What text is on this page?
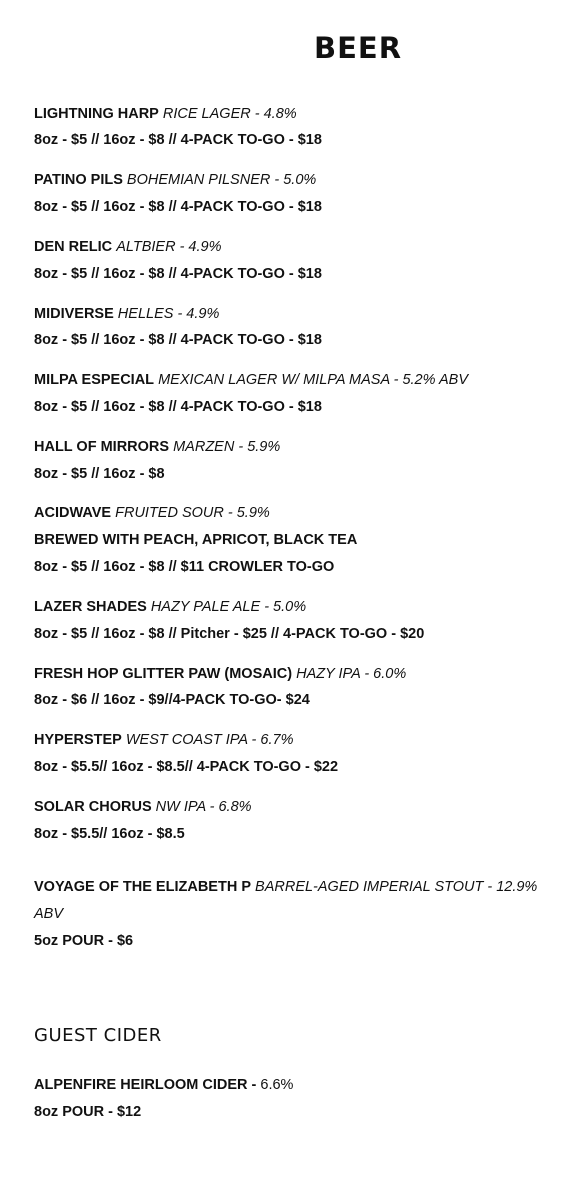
BEER
LIGHTNING HARP RICE LAGER - 4.8%
8oz - $5 // 16oz - $8 // 4-PACK TO-GO - $18
PATINO PILS BOHEMIAN PILSNER - 5.0%
8oz - $5 // 16oz - $8 // 4-PACK TO-GO - $18
DEN RELIC ALTBIER - 4.9%
8oz - $5 // 16oz - $8 // 4-PACK TO-GO - $18
MIDIVERSE HELLES - 4.9%
8oz - $5 // 16oz - $8 // 4-PACK TO-GO - $18
MILPA ESPECIAL MEXICAN LAGER W/ MILPA MASA - 5.2% ABV
8oz - $5 // 16oz - $8 // 4-PACK TO-GO - $18
HALL OF MIRRORS MARZEN - 5.9%
8oz - $5 // 16oz - $8
ACIDWAVE FRUITED SOUR - 5.9%
BREWED WITH PEACH, APRICOT, BLACK TEA
8oz - $5 // 16oz - $8 // $11 CROWLER TO-GO
LAZER SHADES HAZY PALE ALE - 5.0%
8oz - $5 // 16oz - $8 // Pitcher - $25 // 4-PACK TO-GO - $20
FRESH HOP GLITTER PAW (MOSAIC) HAZY IPA - 6.0%
8oz - $6 // 16oz - $9//4-PACK TO-GO- $24
HYPERSTEP WEST COAST IPA - 6.7%
8oz - $5.5// 16oz - $8.5// 4-PACK TO-GO - $22
SOLAR CHORUS NW IPA - 6.8%
8oz - $5.5// 16oz - $8.5
VOYAGE OF THE ELIZABETH P BARREL-AGED IMPERIAL STOUT - 12.9%
ABV
5oz POUR - $6
GUEST CIDER
ALPENFIRE HEIRLOOM CIDER - 6.6%
8oz POUR - $12
